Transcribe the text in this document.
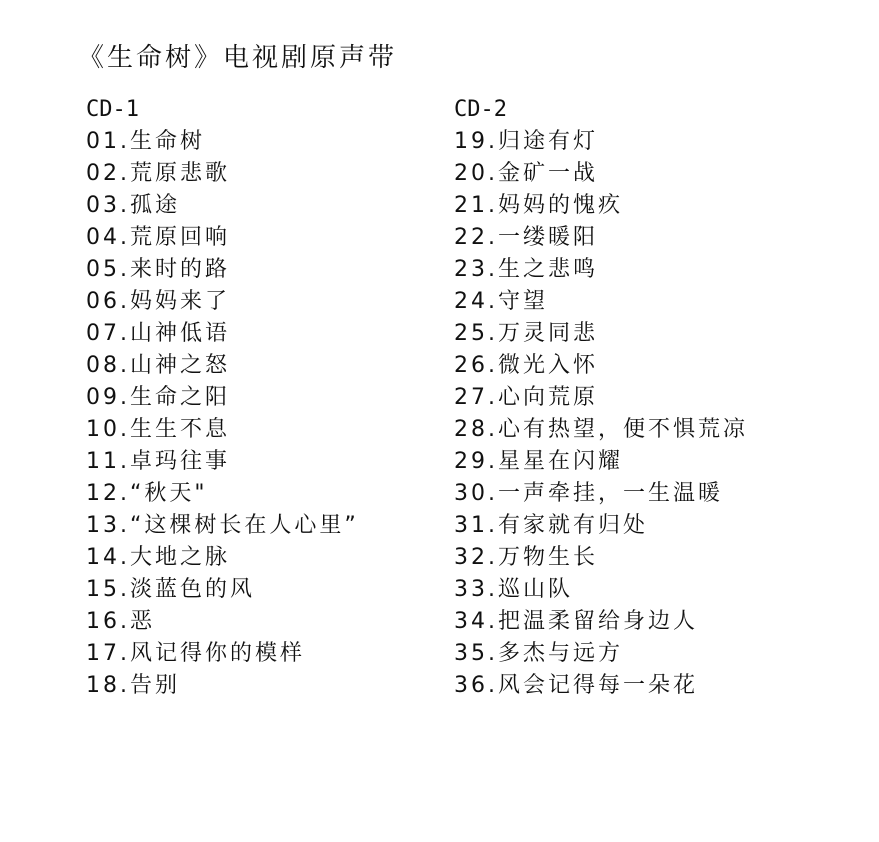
《生命树》电视剧原声带
CD-1
01.生命树
02.荒原悲歌
03.孤途
04.荒原回响
05.来时的路
06.妈妈来了
07.山神低语
08.山神之怒
09.生命之阳
10.生生不息
11.卓玛往事
12.“秋天"
13.“这棵树长在人心里”
14.大地之脉
15.淡蓝色的风
16.恶
17.风记得你的模样
18.告别
CD-2
19.归途有灯
20.金矿一战
21.妈妈的愧疚
22.一缕暖阳
23.生之悲鸣
24.守望
25.万灵同悲
26.微光入怀
27.心向荒原
28.心有热望，便不惧荒凉
29.星星在闪耀
30.一声牵挂，一生温暖
31.有家就有归处
32.万物生长
33.巡山队
34.把温柔留给身边人
35.多杰与远方
36.风会记得每一朵花
